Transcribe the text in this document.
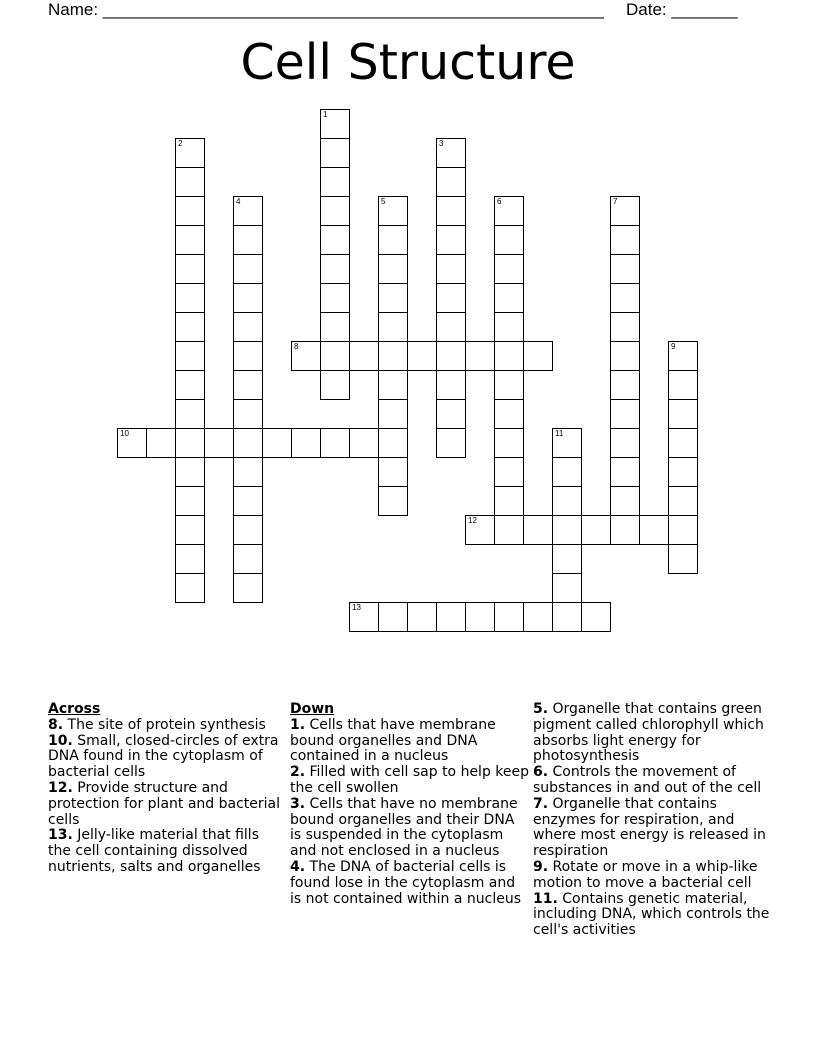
Name: _____________________________________________________ Date: _______
Cell Structure
1
2	3
4	5	6	7
8	9
10	11
12
13
Across
8. The site of protein synthesis
10. Small, closed-circles of extra DNA found in the cytoplasm of bacterial cells
12. Provide structure and protection for plant and bacterial cells
13. Jelly-like material that fills the cell containing dissolved nutrients, salts and organelles
Down
1. Cells that have membrane bound organelles and DNA contained in a nucleus
2. Filled with cell sap to help keep the cell swollen
3. Cells that have no membrane bound organelles and their DNA is suspended in the cytoplasm and not enclosed in a nucleus
4. The DNA of bacterial cells is found lose in the cytoplasm and is not contained within a nucleus
5. Organelle that contains green pigment called chlorophyll which absorbs light energy for photosynthesis
6. Controls the movement of substances in and out of the cell
7. Organelle that contains enzymes for respiration, and where most energy is released in respiration
9. Rotate or move in a whip-like motion to move a bacterial cell
11. Contains genetic material, including DNA, which controls the cell's activities
